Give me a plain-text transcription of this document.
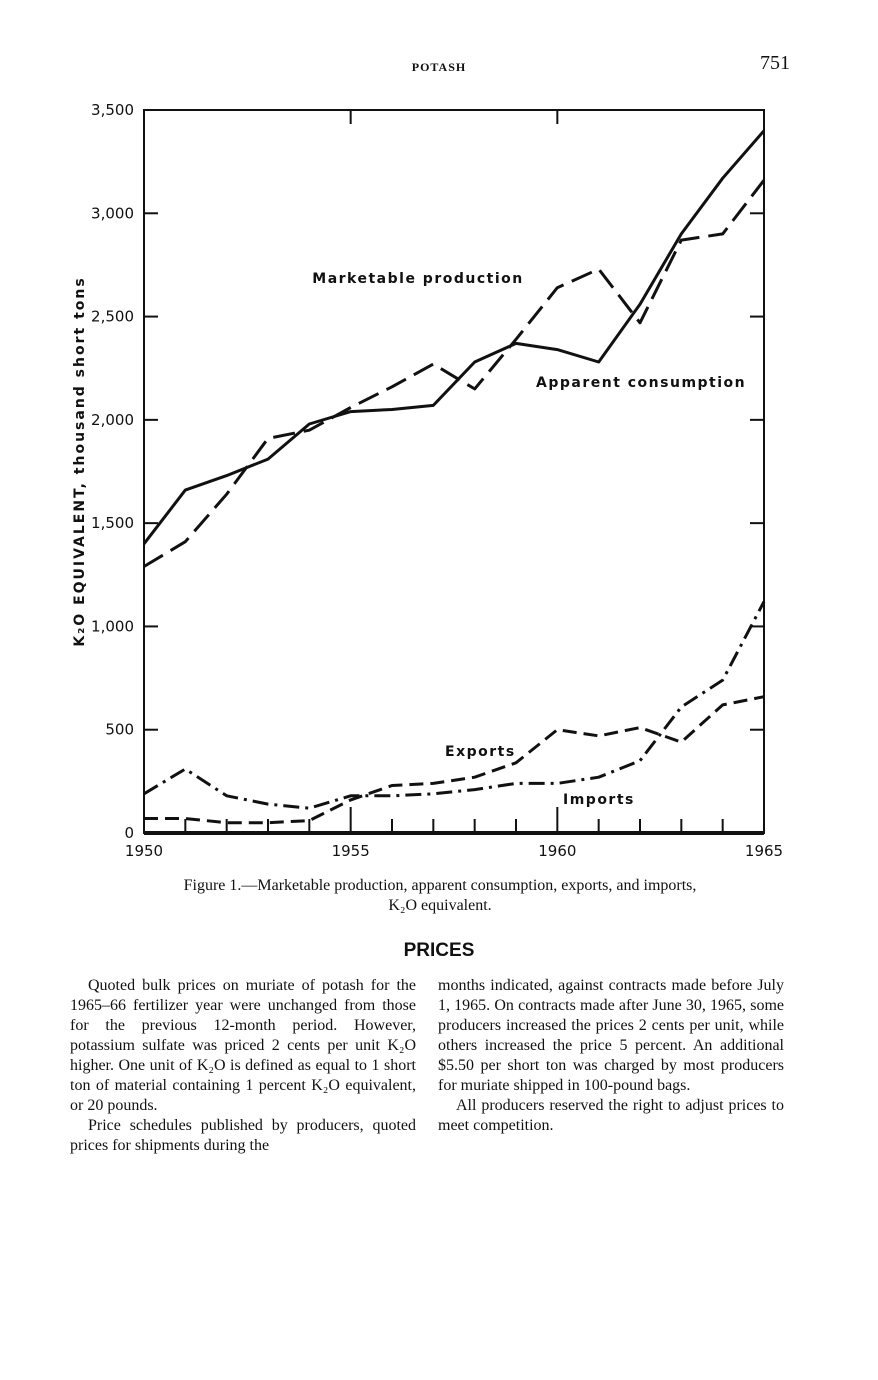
POTASH	751
0
500
1,000
1,500
2,000
2,500
3,000
3,500
1950	1955	1960	1965
K₂O EQUIVALENT, thousand short tons	Marketable production
Apparent consumption
Exports
Imports
Figure 1.—Marketable production, apparent consumption, exports, and imports,
K₂O equivalent.
PRICES

Quoted bulk prices on muriate of potash for the 1965–66 fertilizer year were unchanged from those for the previous 12-month period. However, potassium sulfate was priced 2 cents per unit K₂O higher. One unit of K₂O is defined as equal to 1 short ton of material containing 1 percent K₂O equivalent, or 20 pounds.

Price schedules published by producers, quoted prices for shipments during the

months indicated, against contracts made before July 1, 1965. On contracts made after June 30, 1965, some producers increased the prices 2 cents per unit, while others increased the price 5 percent. An additional $5.50 per short ton was charged by most producers for muriate shipped in 100-pound bags.

All producers reserved the right to adjust prices to meet competition.
